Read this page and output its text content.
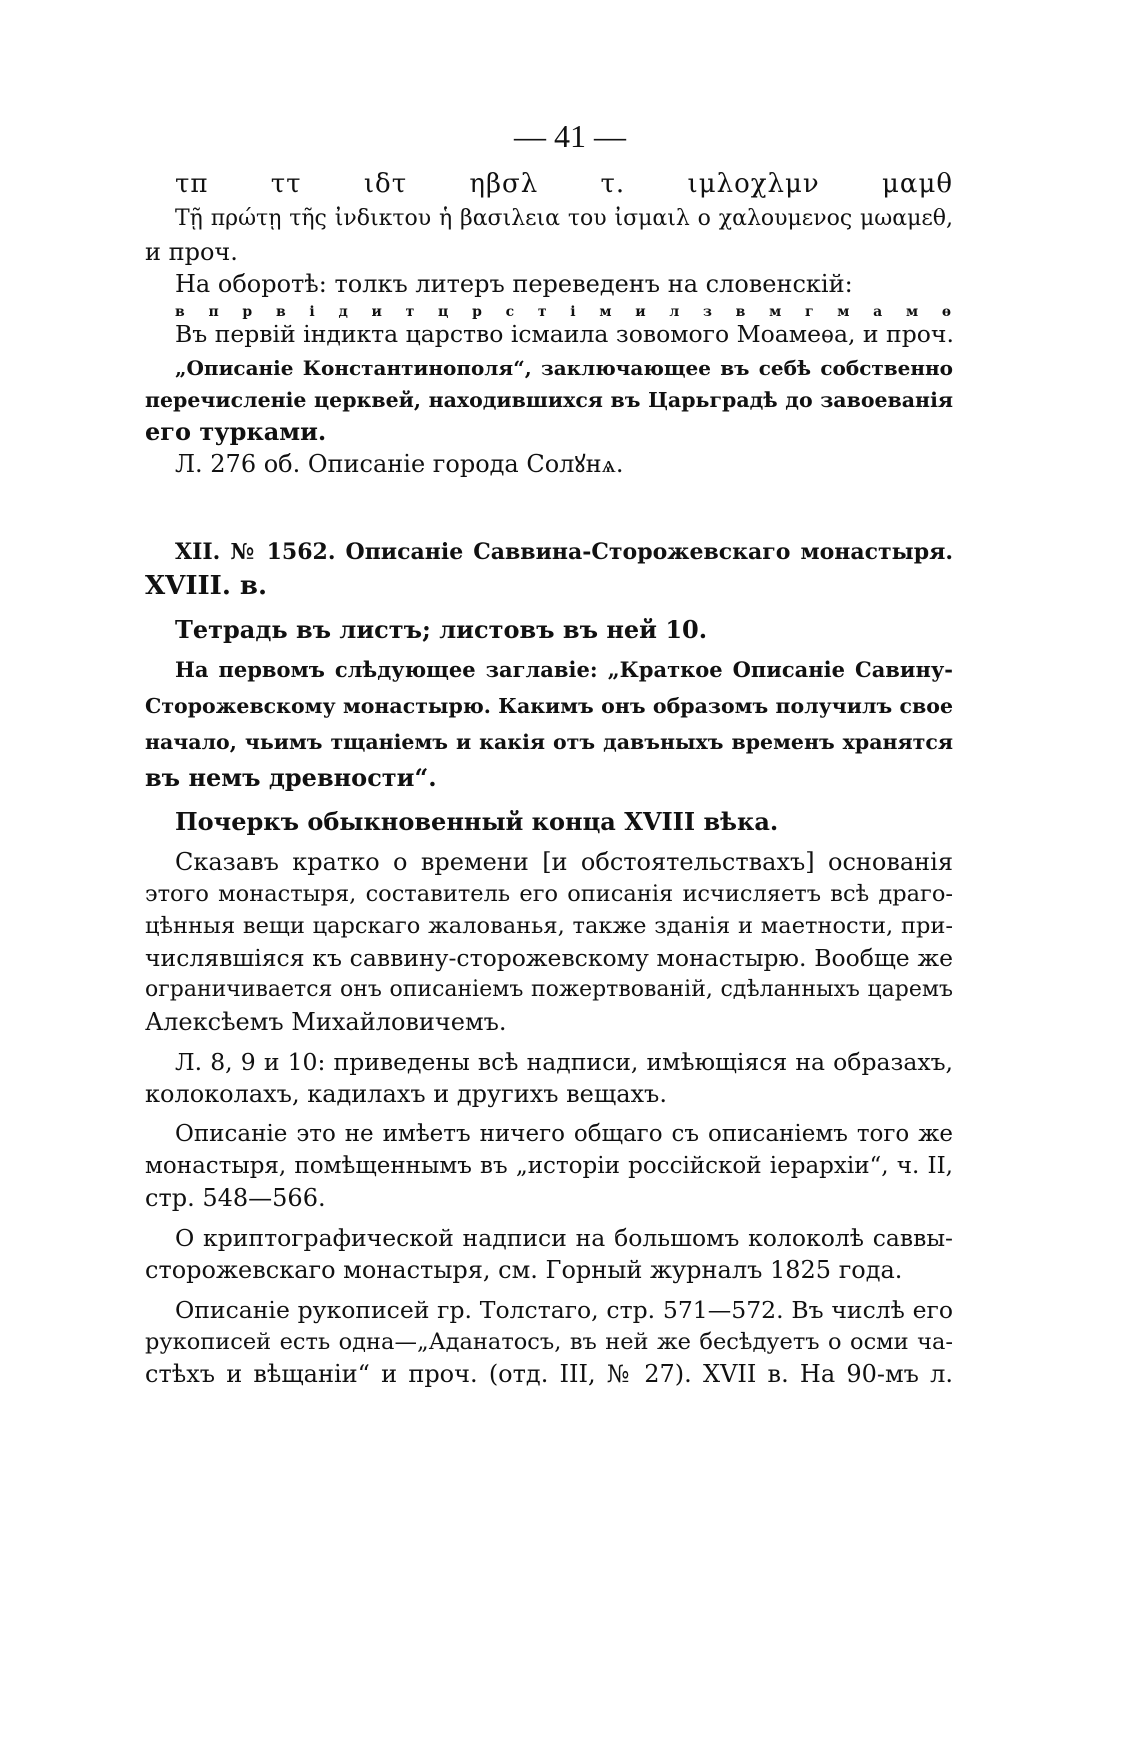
— 41 —

τπ ττ ιδτ ηβσλ τ. ιμλοχλμν μαμθ

Τῇ πρώτῃ τῆς ἰνδικτου ἡ βασιλεια του ἰσμαιλ ο χαλουμενος μωαμεθ,

и проч.

На оборотѣ: толкъ литеръ переведенъ на словенскій:

в п р в і д и т ц р с т і м и л з в м г м а м ѳ

Въ первій індикта царство ісмаила зовомого Моамеѳа, и проч.

„Описаніе Константинополя“, заключающее въ себѣ собственно

перечисленіе церквей, находившихся въ Царьградѣ до завоеванія

его турками.

Л. 276 об. Описаніе города Солꙋнѧ.

XII. № 1562. Описаніе Саввина-Сторожевскаго монастыря.

XVIII. в.

Тетрадь въ листъ; листовъ въ ней 10.

На первомъ слѣдующее заглавіе: „Краткое Описаніе Савину-

Сторожевскому монастырю. Какимъ онъ образомъ получилъ свое

начало, чьимъ тщаніемъ и какія отъ давъныхъ временъ хранятся

въ немъ древности“.

Почеркъ обыкновенный конца XVIII вѣка.

Сказавъ кратко о времени [и обстоятельствахъ] основанія

этого монастыря, составитель его описанія исчисляетъ всѣ драго-

цѣнныя вещи царскаго жалованья, также зданія и маетности, при-

числявшіяся къ саввину-сторожевскому монастырю. Вообще же

ограничивается онъ описаніемъ пожертвованій, сдѣланныхъ царемъ

Алексѣемъ Михайловичемъ.

Л. 8, 9 и 10: приведены всѣ надписи, имѣющіяся на образахъ,

колоколахъ, кадилахъ и другихъ вещахъ.

Описаніе это не имѣетъ ничего общаго съ описаніемъ того же

монастыря, помѣщеннымъ въ „исторіи россійской іерархіи“, ч. II,

стр. 548—566.

О криптографической надписи на большомъ колоколѣ саввы-

сторожевскаго монастыря, см. Горный журналъ 1825 года.

Описаніе рукописей гр. Толстаго, стр. 571—572. Въ числѣ его

рукописей есть одна—„Аданатосъ, въ ней же бесѣдуетъ о осми ча-

стѣхъ и вѣщаніи“ и проч. (отд. III, № 27). XVII в. На 90-мъ л.
